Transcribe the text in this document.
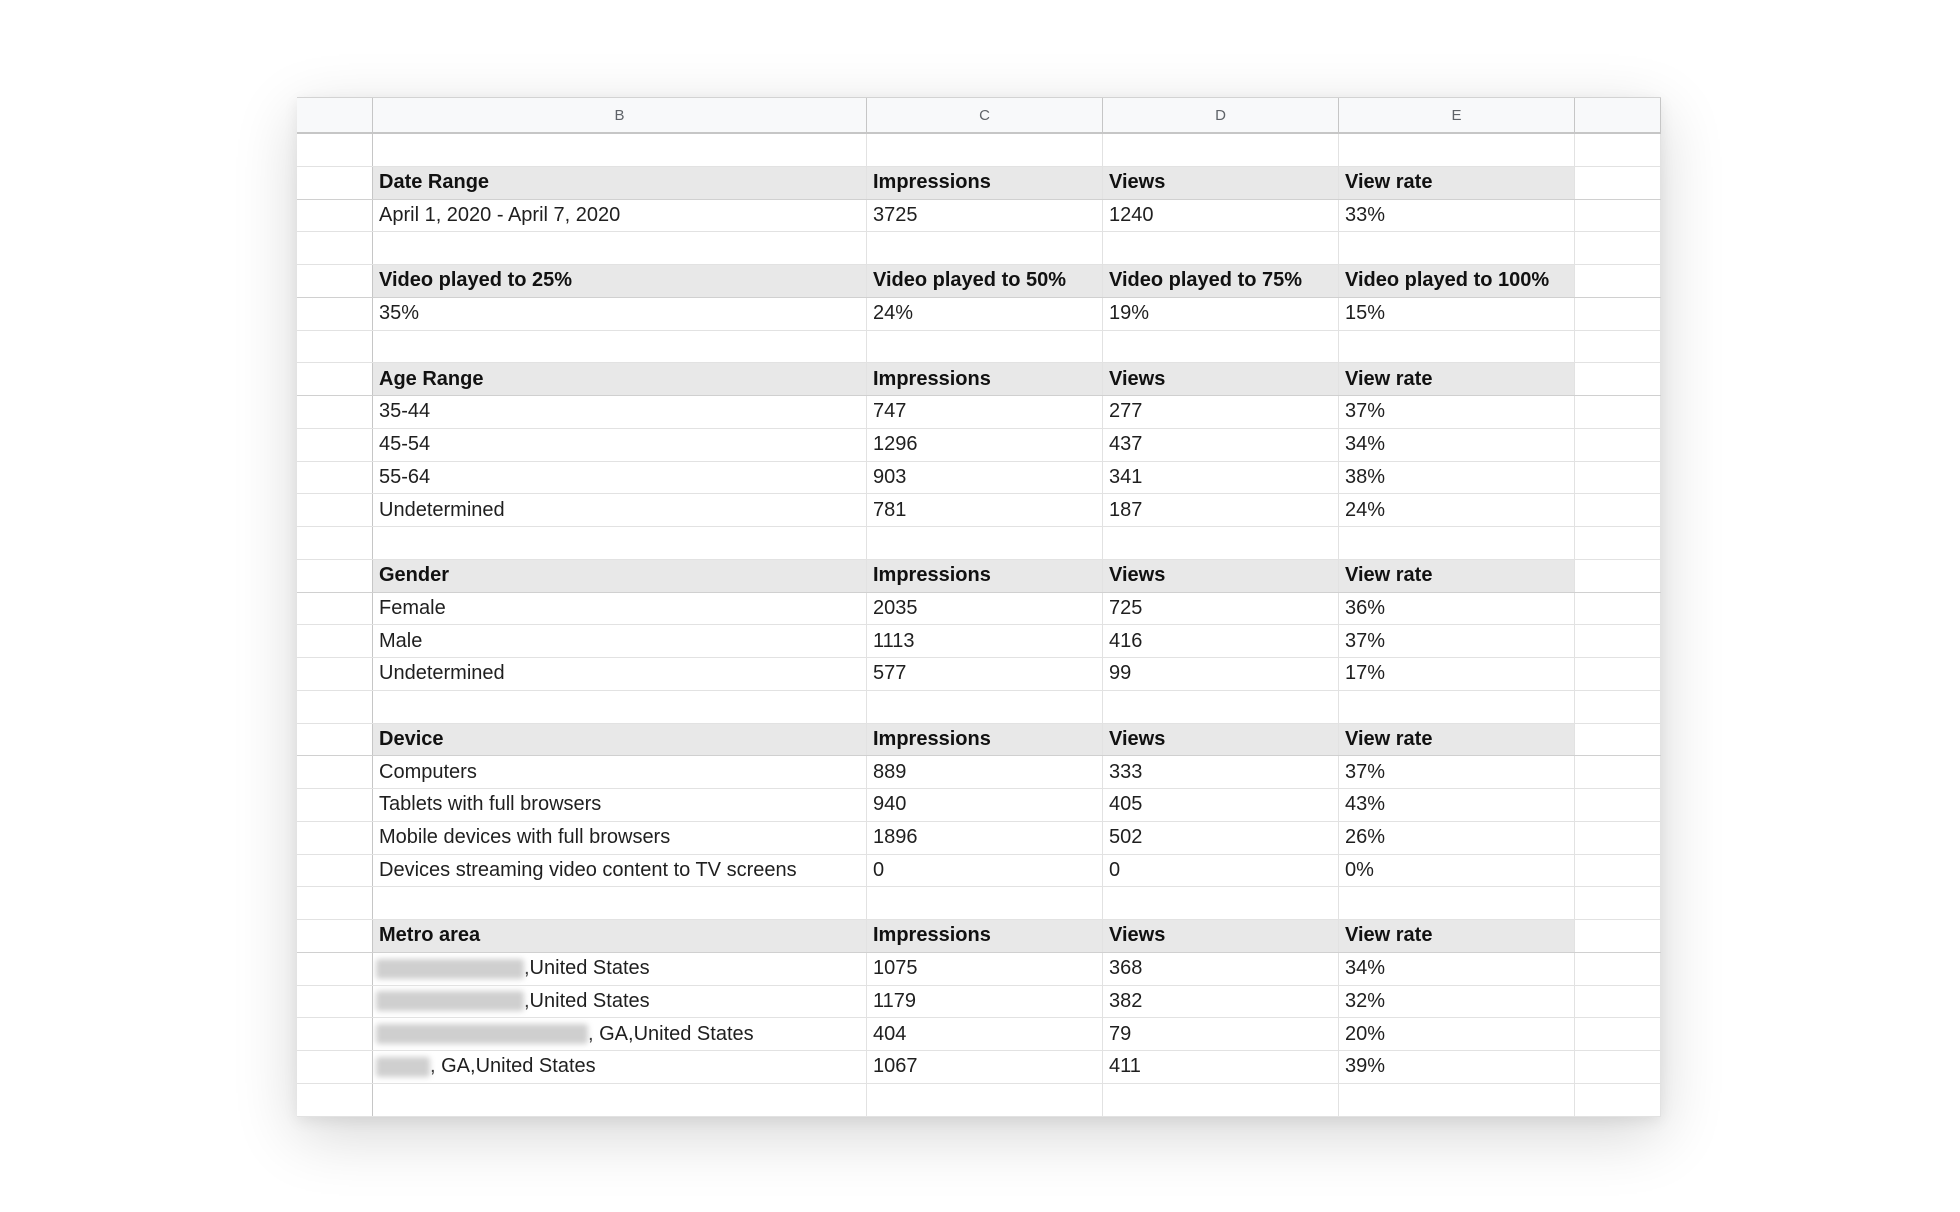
B	C	D	E
Date Range	Impressions	Views	View rate
April 1, 2020 - April 7, 2020	3725	1240	33%
Video played to 25%	Video played to 50%	Video played to 75%	Video played to 100%
35%	24%	19%	15%
Age Range	Impressions	Views	View rate
35-44	747	277	37%
45-54	1296	437	34%
55-64	903	341	38%
Undetermined	781	187	24%
Gender	Impressions	Views	View rate
Female	2035	725	36%
Male	1113	416	37%
Undetermined	577	99	17%
Device	Impressions	Views	View rate
Computers	889	333	37%
Tablets with full browsers	940	405	43%
Mobile devices with full browsers	1896	502	26%
Devices streaming video content to TV screens	0	0	0%
Metro area	Impressions	Views	View rate
,United States	1075	368	34%
,United States	1179	382	32%
, GA,United States	404	79	20%
, GA,United States	1067	411	39%
